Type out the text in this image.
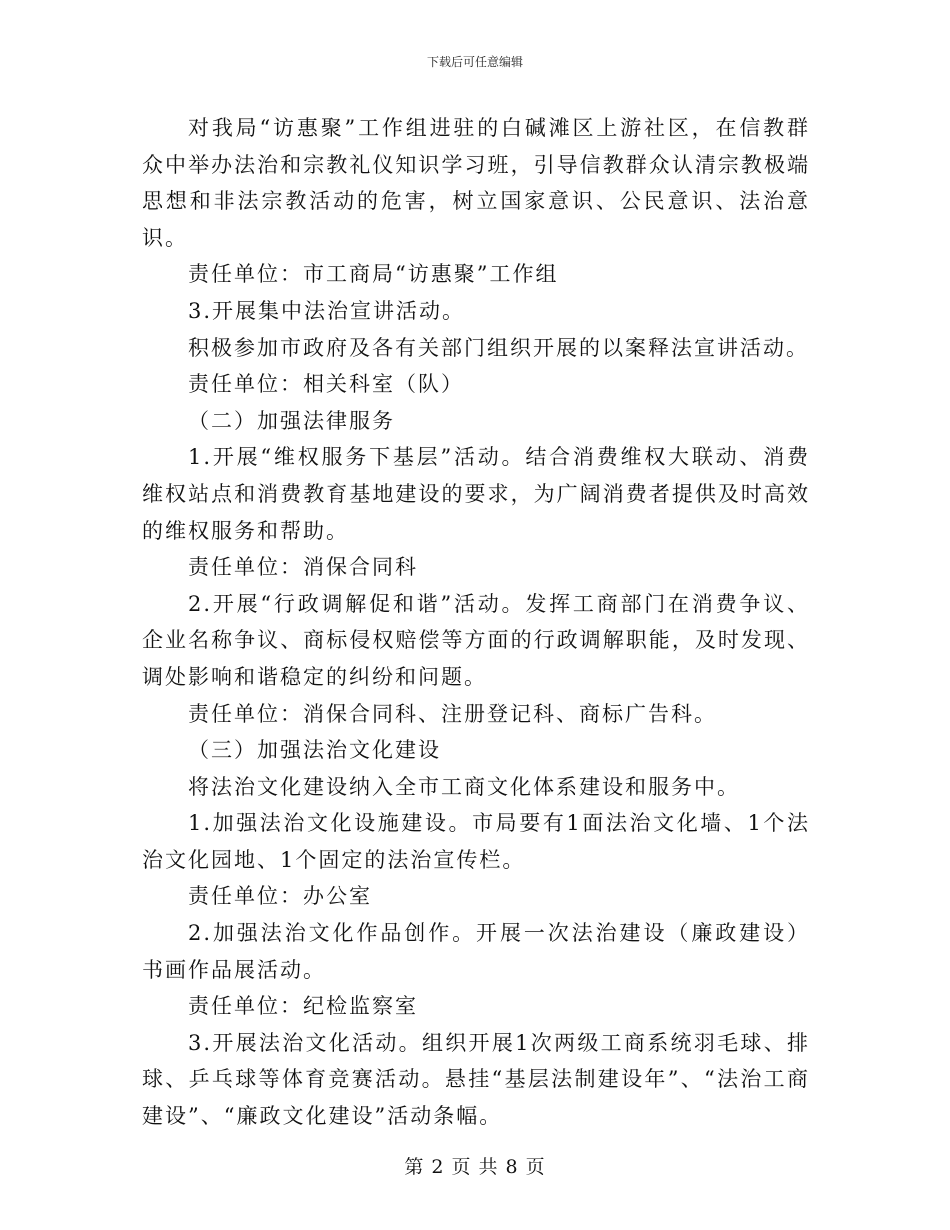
下载后可任意编辑

对我局“访惠聚”工作组进驻的白碱滩区上游社区，在信教群众中举办法治和宗教礼仪知识学习班，引导信教群众认清宗教极端思想和非法宗教活动的危害，树立国家意识、公民意识、法治意识。

责任单位：市工商局“访惠聚”工作组

3.开展集中法治宣讲活动。

积极参加市政府及各有关部门组织开展的以案释法宣讲活动。

责任单位：相关科室（队）

（二）加强法律服务

1.开展“维权服务下基层”活动。结合消费维权大联动、消费维权站点和消费教育基地建设的要求，为广阔消费者提供及时高效的维权服务和帮助。

责任单位：消保合同科

2.开展“行政调解促和谐”活动。发挥工商部门在消费争议、企业名称争议、商标侵权赔偿等方面的行政调解职能，及时发现、调处影响和谐稳定的纠纷和问题。

责任单位：消保合同科、注册登记科、商标广告科。

（三）加强法治文化建设

将法治文化建设纳入全市工商文化体系建设和服务中。

1.加强法治文化设施建设。市局要有1面法治文化墙、1个法治文化园地、1个固定的法治宣传栏。

责任单位：办公室

2.加强法治文化作品创作。开展一次法治建设（廉政建设）书画作品展活动。

责任单位：纪检监察室

3.开展法治文化活动。组织开展1次两级工商系统羽毛球、排球、乒乓球等体育竞赛活动。悬挂“基层法制建设年”、“法治工商建设”、“廉政文化建设”活动条幅。

第 2 页 共 8 页
